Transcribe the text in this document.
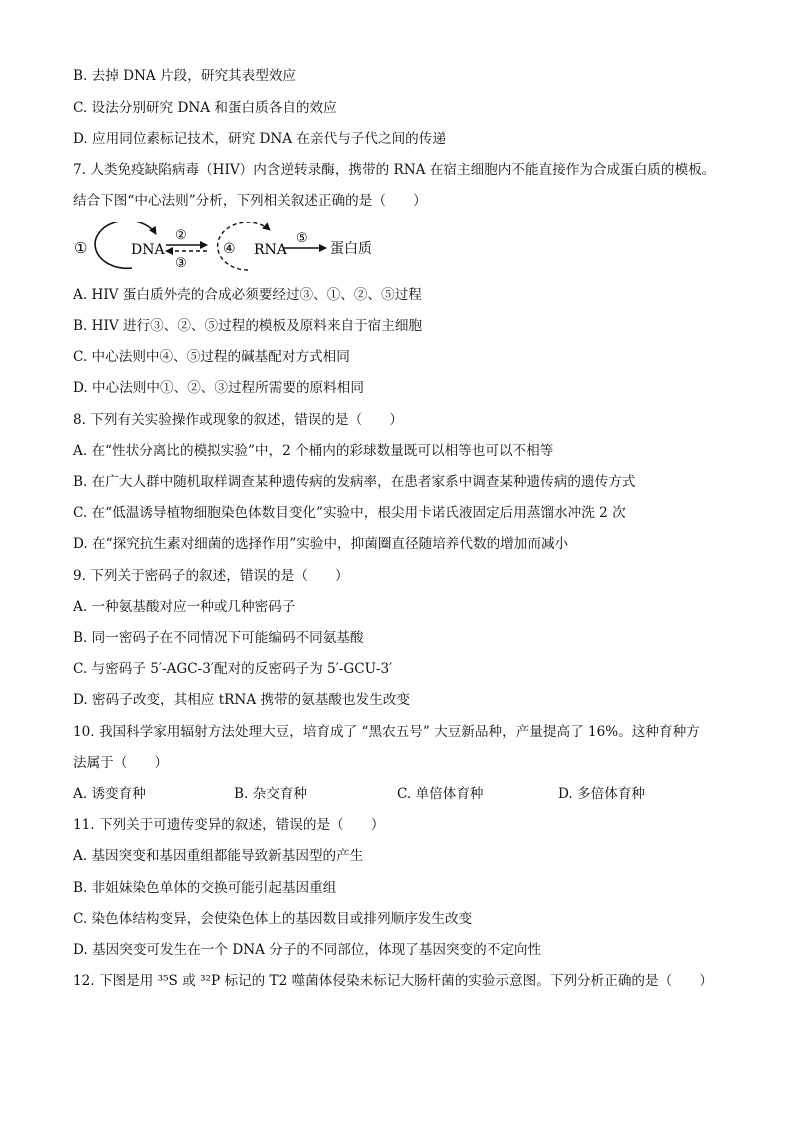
B. 去掉 DNA 片段，研究其表型效应
C. 设法分别研究 DNA 和蛋白质各自的效应
D. 应用同位素标记技术，研究 DNA 在亲代与子代之间的传递
7. 人类免疫缺陷病毒（HIV）内含逆转录酶，携带的 RNA 在宿主细胞内不能直接作为合成蛋白质的模板。
结合下图“中心法则”分析，下列相关叙述正确的是（　　）
①	DNA
②
③
④ RNA
⑤
蛋白质
A. HIV 蛋白质外壳的合成必须要经过③、①、②、⑤过程
B. HIV 进行③、②、⑤过程的模板及原料来自于宿主细胞
C. 中心法则中④、⑤过程的碱基配对方式相同
D. 中心法则中①、②、③过程所需要的原料相同
8. 下列有关实验操作或现象的叙述，错误的是（　　）
A. 在“性状分离比的模拟实验”中，2 个桶内的彩球数量既可以相等也可以不相等
B. 在广大人群中随机取样调查某种遗传病的发病率，在患者家系中调查某种遗传病的遗传方式
C. 在“低温诱导植物细胞染色体数目变化”实验中，根尖用卡诺氏液固定后用蒸馏水冲洗 2 次
D. 在“探究抗生素对细菌的选择作用”实验中，抑菌圈直径随培养代数的增加而减小
9. 下列关于密码子的叙述，错误的是（　　）
A. 一种氨基酸对应一种或几种密码子
B. 同一密码子在不同情况下可能编码不同氨基酸
C. 与密码子 5′-AGC-3′配对的反密码子为 5′-GCU-3′
D. 密码子改变，其相应 tRNA 携带的氨基酸也发生改变
10. 我国科学家用辐射方法处理大豆，培育成了 “黑农五号” 大豆新品种，产量提高了 16%。这种育种方
法属于（　　）
A. 诱变育种	B. 杂交育种	C. 单倍体育种	D. 多倍体育种
11. 下列关于可遗传变异的叙述，错误的是（　　）
A. 基因突变和基因重组都能导致新基因型的产生
B. 非姐妹染色单体的交换可能引起基因重组
C. 染色体结构变异，会使染色体上的基因数目或排列顺序发生改变
D. 基因突变可发生在一个 DNA 分子的不同部位，体现了基因突变的不定向性
12. 下图是用 ³⁵S 或 ³²P 标记的 T2 噬菌体侵染未标记大肠杆菌的实验示意图。下列分析正确的是（　　）
